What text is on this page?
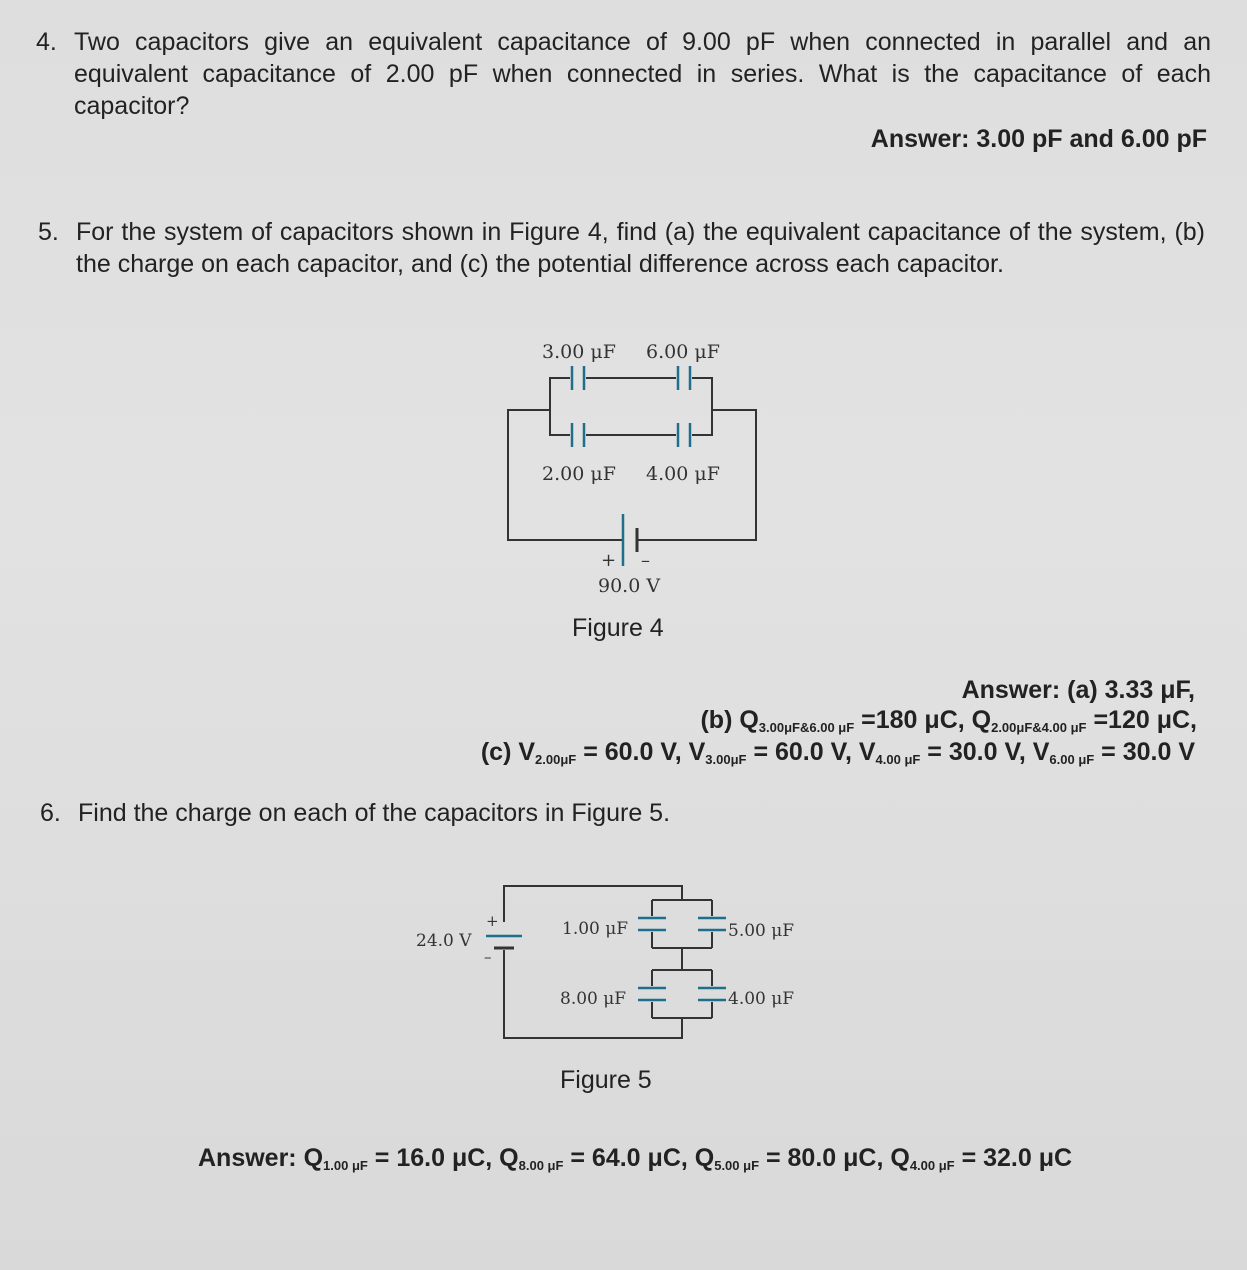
4. Two capacitors give an equivalent capacitance of 9.00 pF when connected in parallel and an equivalent capacitance of 2.00 pF when connected in series. What is the capacitance of each capacitor?
Answer: 3.00 pF and 6.00 pF
5. For the system of capacitors shown in Figure 4, find (a) the equivalent capacitance of the system, (b) the charge on each capacitor, and (c) the potential difference across each capacitor.
3.00 μF 6.00 μF
2.00 μF 4.00 μF
+ –
90.0 V
Figure 4
Answer: (a) 3.33 μF,
(b) Q3.00μF&6.00 μF =180 μC, Q2.00μF&4.00 μF =120 μC,
(c) V2.00μF = 60.0 V, V3.00μF = 60.0 V, V4.00 μF = 30.0 V, V6.00 μF = 30.0 V
6. Find the charge on each of the capacitors in Figure 5.
24.0 V
+
–
1.00 μF	5.00 μF
8.00 μF	4.00 μF
Figure 5
Answer: Q1.00 μF = 16.0 μC, Q8.00 μF = 64.0 μC, Q5.00 μF = 80.0 μC, Q4.00 μF = 32.0 μC
